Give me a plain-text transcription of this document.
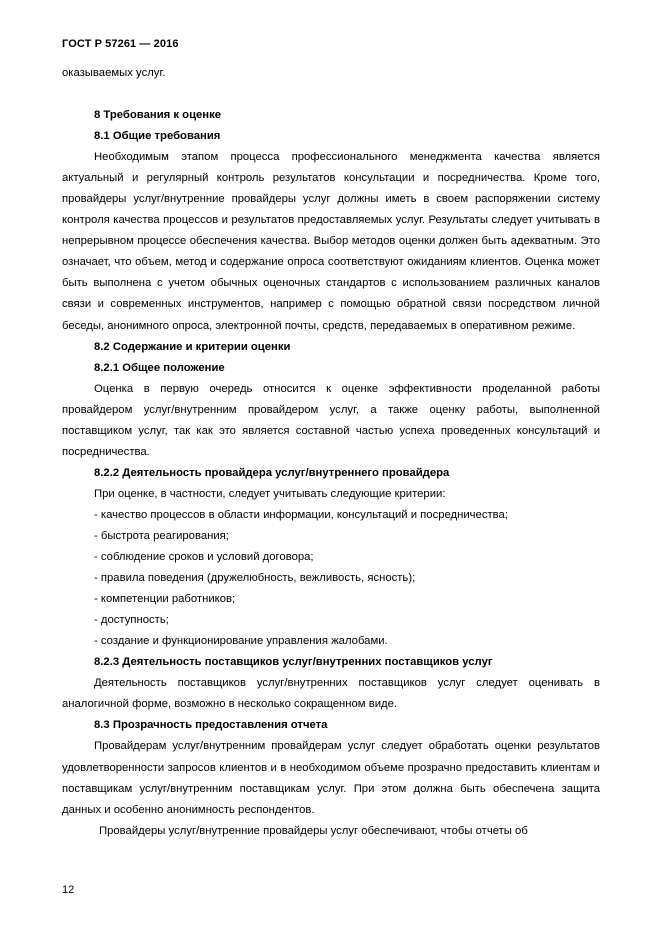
ГОСТ Р 57261 — 2016

оказываемых услуг.

8 Требования к оценке

8.1 Общие требования

Необходимым этапом процесса профессионального менеджмента качества является актуальный и регулярный контроль результатов консультации и посредничества. Кроме того, провайдеры услуг/внутренние провайдеры услуг должны иметь в своем распоряжении систему контроля качества процессов и результатов предоставляемых услуг. Результаты следует учитывать в непрерывном процессе обеспечения качества. Выбор методов оценки должен быть адекватным. Это означает, что объем, метод и содержание опроса соответствуют ожиданиям клиентов. Оценка может быть выполнена с учетом обычных оценочных стандартов с использованием различных каналов связи и современных инструментов, например с помощью обратной связи посредством личной беседы, анонимного опроса, электронной почты, средств, передаваемых в оперативном режиме.

8.2 Содержание и критерии оценки

8.2.1 Общее положение

Оценка в первую очередь относится к оценке эффективности проделанной работы провайдером услуг/внутренним провайдером услуг, а также оценку работы, выполненной поставщиком услуг, так как это является составной частью успеха проведенных консультаций и посредничества.

8.2.2 Деятельность провайдера услуг/внутреннего провайдера

При оценке, в частности, следует учитывать следующие критерии:

- качество процессов в области информации, консультаций и посредничества;

- быстрота реагирования;

- соблюдение сроков и условий договора;

- правила поведения (дружелюбность, вежливость, ясность);

- компетенции работников;

- доступность;

- создание и функционирование управления жалобами.

8.2.3 Деятельность поставщиков услуг/внутренних поставщиков услуг

Деятельность поставщиков услуг/внутренних поставщиков услуг следует оценивать в аналогичной форме, возможно в несколько сокращенном виде.

8.3 Прозрачность предоставления отчета

Провайдерам услуг/внутренним провайдерам услуг следует обработать оценки результатов удовлетворенности запросов клиентов и в необходимом объеме прозрачно предоставить клиентам и поставщикам услуг/внутренним поставщикам услуг. При этом должна быть обеспечена защита данных и особенно анонимность респондентов.

Провайдеры услуг/внутренние провайдеры услуг обеспечивают, чтобы отчеты об

12
